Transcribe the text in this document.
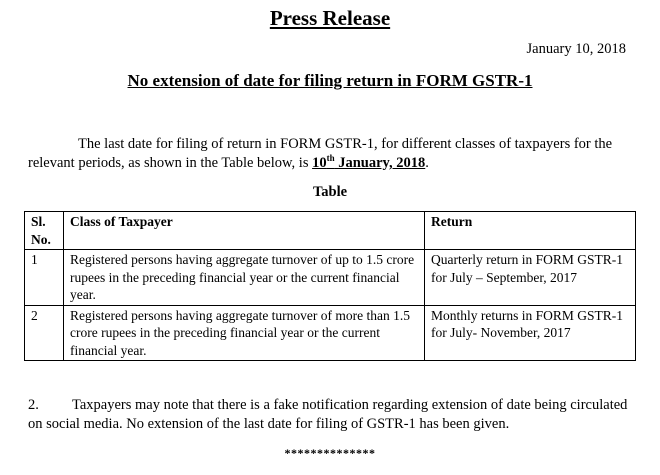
Press Release
January 10, 2018
No extension of date for filing return in FORM GSTR-1

The last date for filing of return in FORM GSTR-1, for different classes of taxpayers for the relevant periods, as shown in the Table below, is 10th January, 2018.

Table
Sl. No.	Class of Taxpayer	Return
1	Registered persons having aggregate turnover of up to 1.5 crore rupees in the preceding financial year or the current financial year.	Quarterly return in FORM GSTR-1 for July – September, 2017
2	Registered persons having aggregate turnover of more than 1.5 crore rupees in the preceding financial year or the current financial year.	Monthly returns in FORM GSTR-1 for July- November, 2017

2. Taxpayers may note that there is a fake notification regarding extension of date being circulated on social media. No extension of the last date for filing of GSTR-1 has been given.

**************
